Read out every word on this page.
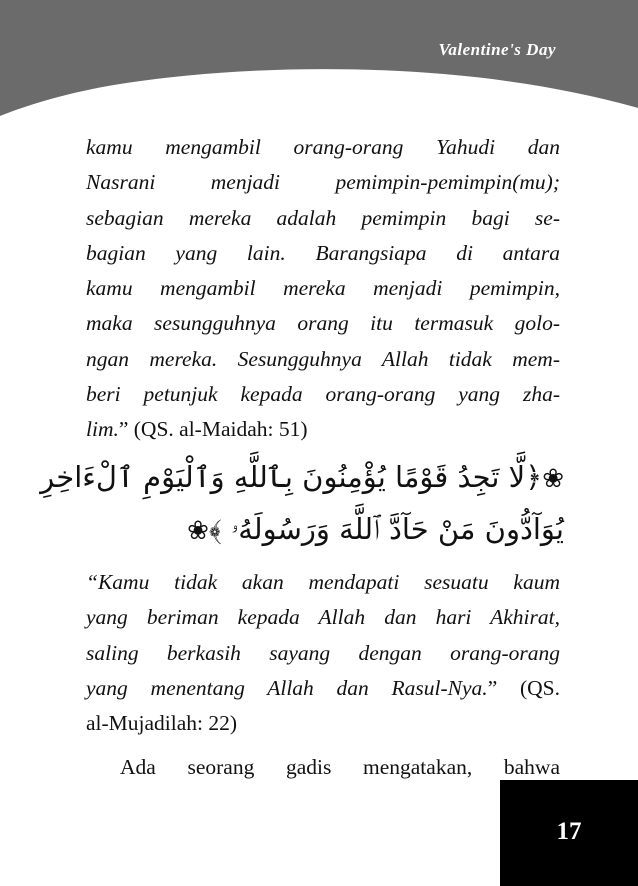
Valentine's Day
kamu mengambil orang-orang Yahudi dan
Nasrani menjadi pemimpin-pemimpin(mu);
sebagian mereka adalah pemimpin bagi se-
bagian yang lain. Barangsiapa di antara
kamu mengambil mereka menjadi pemimpin,
maka sesungguhnya orang itu termasuk golo-
ngan mereka. Sesungguhnya Allah tidak mem-
beri petunjuk kepada orang-orang yang zha-
lim.” (QS. al-Maidah: 51)
❀﴿لَّا تَجِدُ قَوْمًا يُؤْمِنُونَ بِٱللَّهِ وَٱلْيَوْمِ ٱلْءَاخِرِ
يُوَآدُّونَ مَنْ حَآدَّ ٱللَّهَ وَرَسُولَهُۥ ﴾❀
“Kamu tidak akan mendapati sesuatu kaum
yang beriman kepada Allah dan hari Akhirat,
saling berkasih sayang dengan orang-orang
yang menentang Allah dan Rasul-Nya.” (QS.
al-Mujadilah: 22)
Ada seorang gadis mengatakan, bahwa
17
